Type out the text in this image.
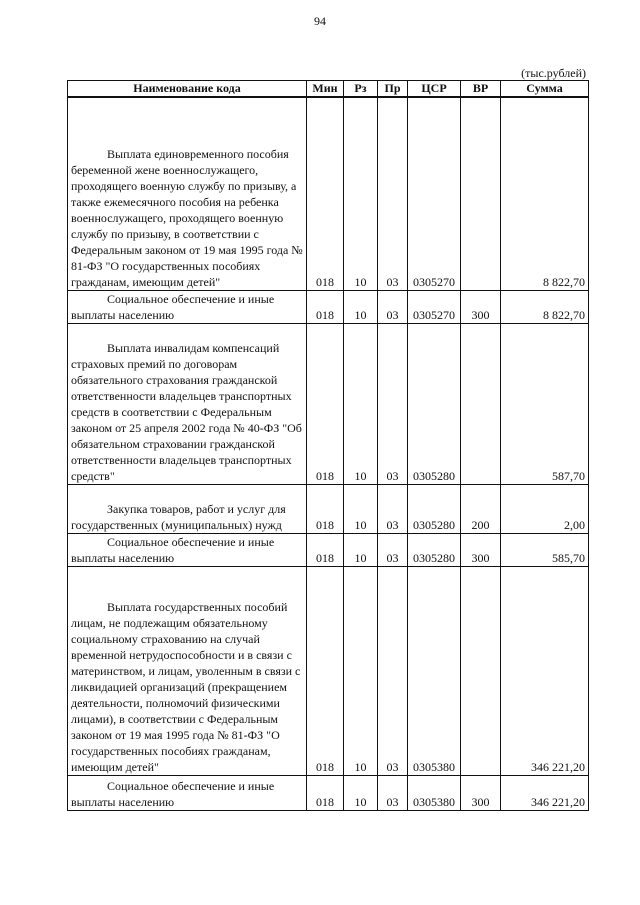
94
(тыс.рублей)
Наименование кода	Мин	Рз	Пр	ЦСР	ВР	Сумма
Выплата единовременного пособия беременной жене военнослужащего, проходящего военную службу по призыву, а также ежемесячного пособия на ребенка военнослужащего, проходящего военную службу по призыву, в соответствии с Федеральным законом от 19 мая 1995 года № 81-ФЗ "О государственных пособиях гражданам, имеющим детей"	018	10	03	0305270		8 822,70
Социальное обеспечение и иные выплаты населению	018	10	03	0305270	300	8 822,70
Выплата инвалидам компенсаций страховых премий по договорам обязательного страхования гражданской ответственности владельцев транспортных средств в соответствии с Федеральным законом от 25 апреля 2002 года № 40-ФЗ "Об обязательном страховании гражданской ответственности владельцев транспортных средств"	018	10	03	0305280		587,70
Закупка товаров, работ и услуг для государственных (муниципальных) нужд	018	10	03	0305280	200	2,00
Социальное обеспечение и иные выплаты населению	018	10	03	0305280	300	585,70
Выплата государственных пособий лицам, не подлежащим обязательному социальному страхованию на случай временной нетрудоспособности и в связи с материнством, и лицам, уволенным в связи с ликвидацией организаций (прекращением деятельности, полномочий физическими лицами), в соответствии с Федеральным законом от 19 мая 1995 года № 81-ФЗ "О государственных пособиях гражданам, имеющим детей"	018	10	03	0305380		346 221,20
Социальное обеспечение и иные выплаты населению	018	10	03	0305380	300	346 221,20
